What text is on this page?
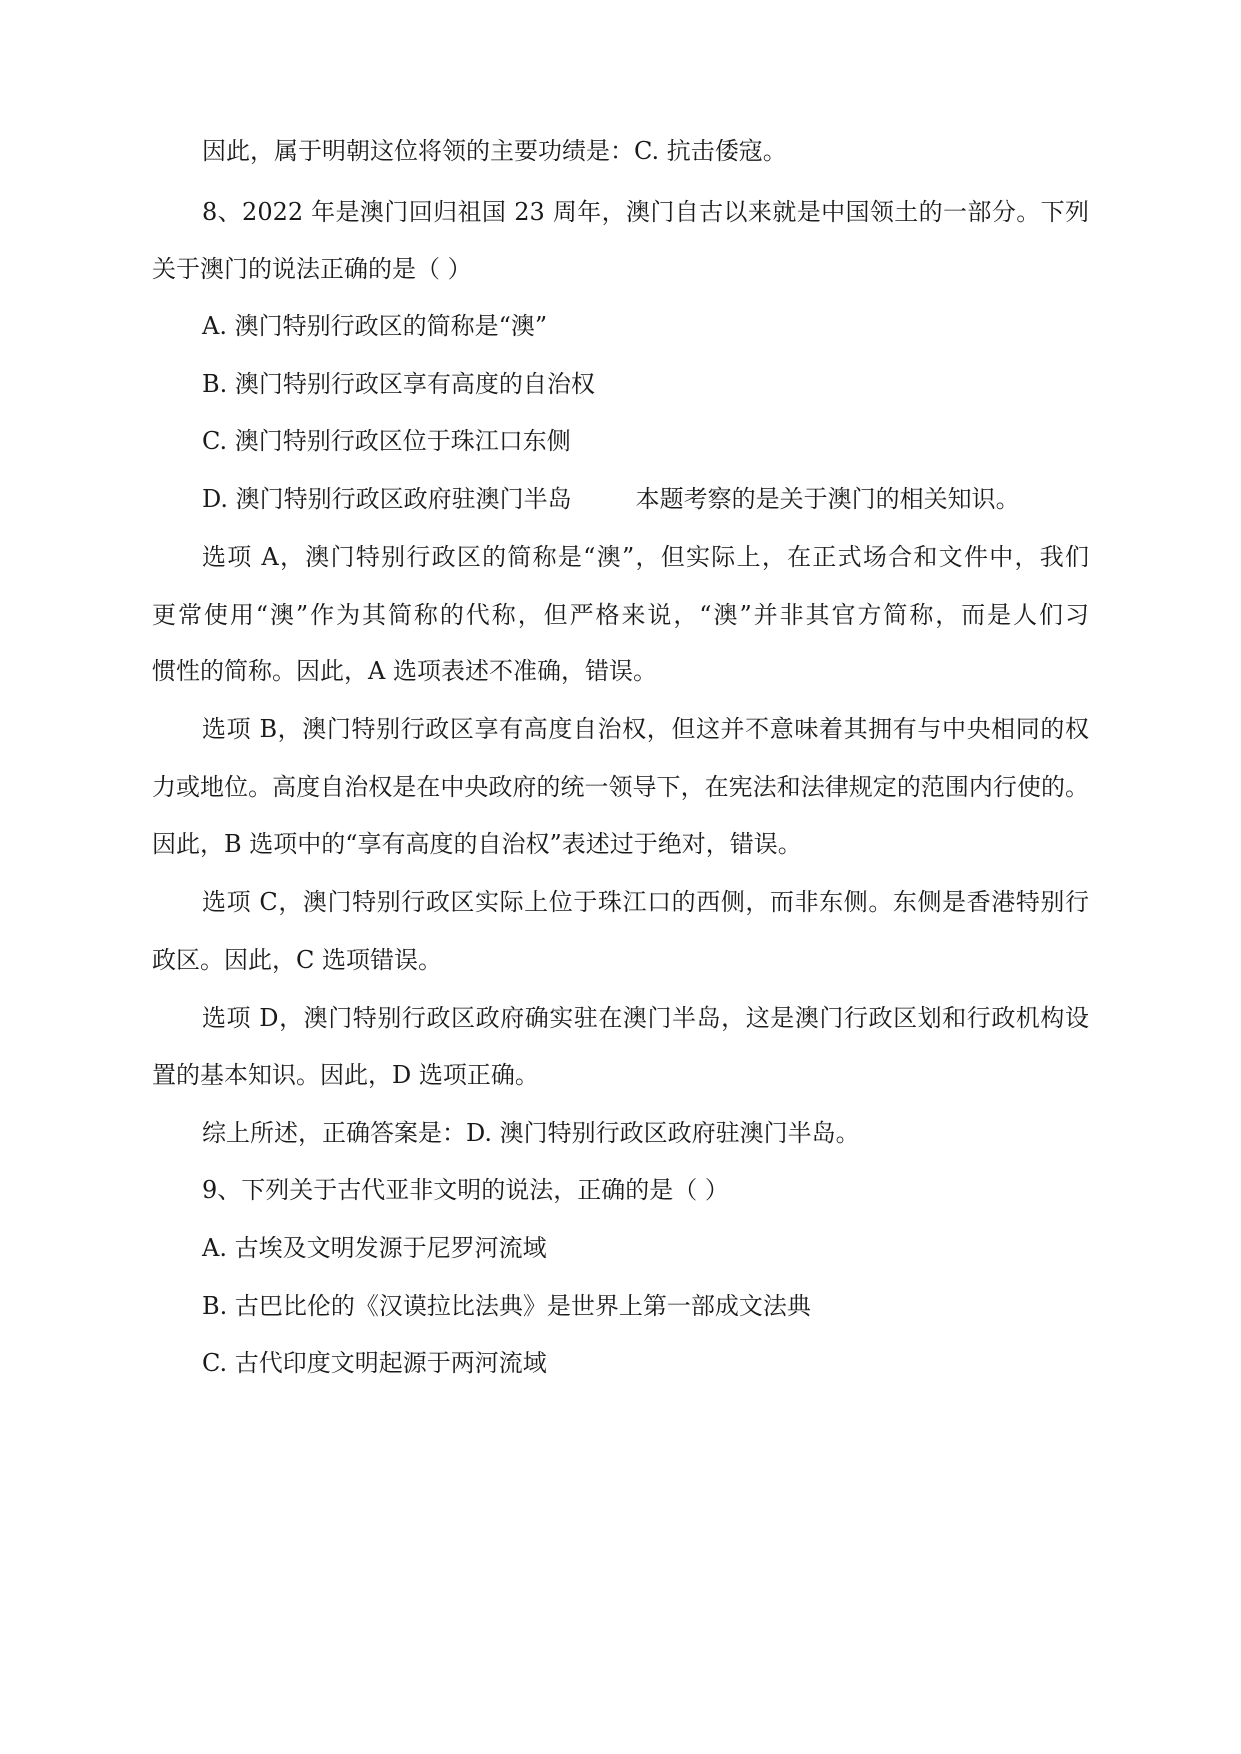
因此，属于明朝这位将领的主要功绩是：C. 抗击倭寇。
8、2022 年是澳门回归祖国 23 周年，澳门自古以来就是中国领土的一部分。下列
关于澳门的说法正确的是（ ）
A. 澳门特别行政区的简称是“澳”
B. 澳门特别行政区享有高度的自治权
C. 澳门特别行政区位于珠江口东侧
D. 澳门特别行政区政府驻澳门半岛	本题考察的是关于澳门的相关知识。
选项 A，澳门特别行政区的简称是“澳”，但实际上，在正式场合和文件中，我们
更常使用“澳”作为其简称的代称，但严格来说，“澳”并非其官方简称，而是人们习
惯性的简称。因此，A 选项表述不准确，错误。
选项 B，澳门特别行政区享有高度自治权，但这并不意味着其拥有与中央相同的权
力或地位。高度自治权是在中央政府的统一领导下，在宪法和法律规定的范围内行使的。
因此，B 选项中的“享有高度的自治权”表述过于绝对，错误。
选项 C，澳门特别行政区实际上位于珠江口的西侧，而非东侧。东侧是香港特别行
政区。因此，C 选项错误。
选项 D，澳门特别行政区政府确实驻在澳门半岛，这是澳门行政区划和行政机构设
置的基本知识。因此，D 选项正确。
综上所述，正确答案是：D. 澳门特别行政区政府驻澳门半岛。
9、下列关于古代亚非文明的说法，正确的是（ ）
A. 古埃及文明发源于尼罗河流域
B. 古巴比伦的《汉谟拉比法典》是世界上第一部成文法典
C. 古代印度文明起源于两河流域
